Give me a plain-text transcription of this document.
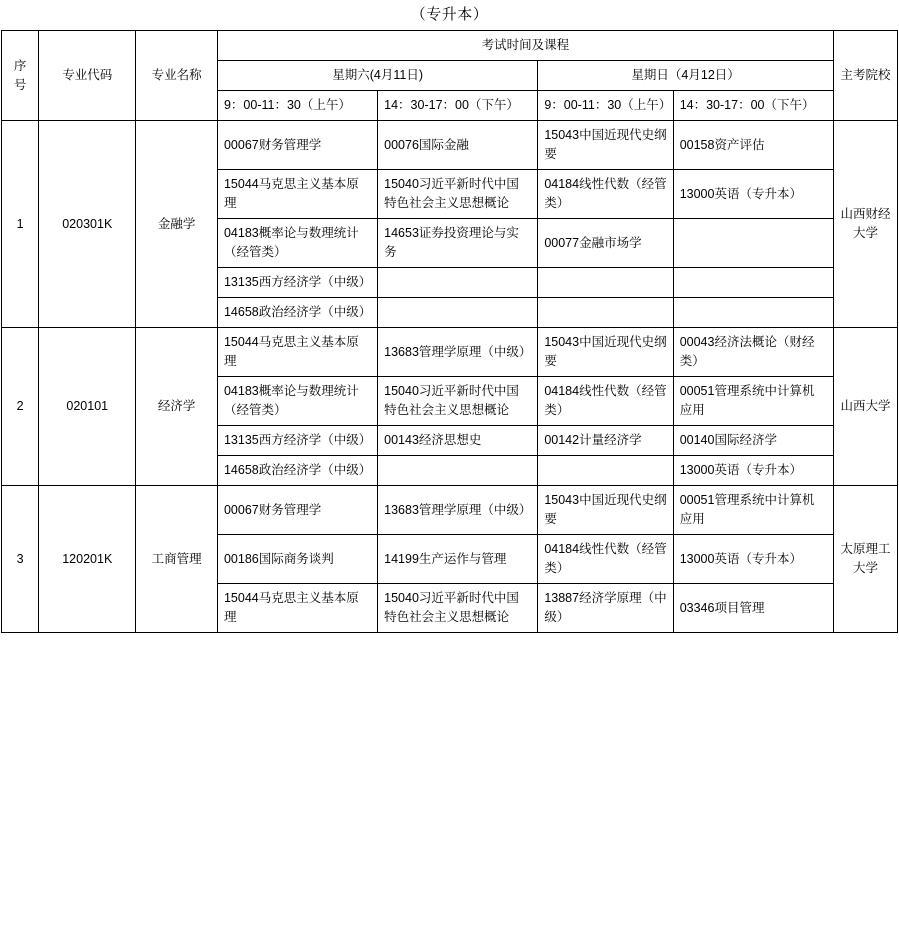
（专升本）
序号	专业代码	专业名称	考试时间及课程				主考院校
			星期六(4月11日)		星期日（4月12日）		
			9：00-11：30（上午）	14：30-17：00（下午）	9：00-11：30（上午）	14：30-17：00（下午）	
1	020301K	金融学	00067财务管理学	00076国际金融	15043中国近现代史纲要	00158资产评估	山西财经大学
			15044马克思主义基本原理	15040习近平新时代中国特色社会主义思想概论	04184线性代数（经管类）	13000英语（专升本）	
			04183概率论与数理统计（经管类）	14653证券投资理论与实务	00077金融市场学		
			13135西方经济学（中级）				
			14658政治经济学（中级）				
2	020101	经济学	15044马克思主义基本原理	13683管理学原理（中级）	15043中国近现代史纲要	00043经济法概论（财经类）	山西大学
			04183概率论与数理统计（经管类）	15040习近平新时代中国特色社会主义思想概论	04184线性代数（经管类）	00051管理系统中计算机应用	
			13135西方经济学（中级）	00143经济思想史	00142计量经济学	00140国际经济学	
			14658政治经济学（中级）			13000英语（专升本）	
3	120201K	工商管理	00067财务管理学	13683管理学原理（中级）	15043中国近现代史纲要	00051管理系统中计算机应用	太原理工大学
			00186国际商务谈判	14199生产运作与管理	04184线性代数（经管类）	13000英语（专升本）	
			15044马克思主义基本原理	15040习近平新时代中国特色社会主义思想概论	13887经济学原理（中级）	03346项目管理	
